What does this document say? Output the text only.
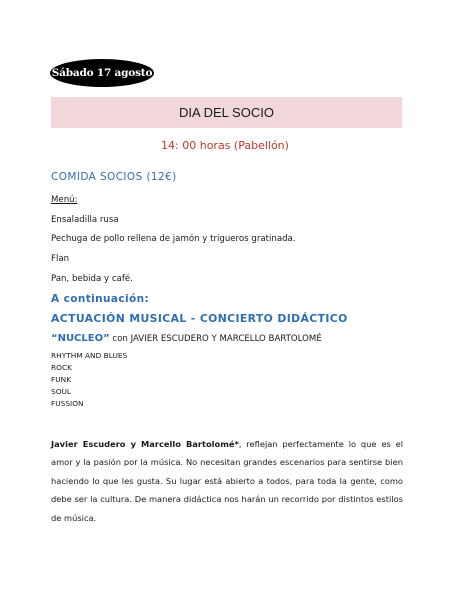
Sábado 17 agosto
DIA DEL SOCIO
14: 00 horas (Pabellón)
COMIDA SOCIOS (12€)
Menú:
Ensaladilla rusa
Pechuga de pollo rellena de jamón y trigueros gratinada.
Flan
Pan, bebida y café.
A continuación:
ACTUACIÓN MUSICAL - CONCIERTO DIDÁCTICO
“NUCLEO” con JAVIER ESCUDERO Y MARCELLO BARTOLOMÉ
RHYTHM AND BLUES
ROCK
FUNK
SOUL
FUSSION
Javier Escudero y Marcello Bartolomé*, reflejan perfectamente lo que es el amor y la pasión por la música. No necesitan grandes escenarios para sentirse bien haciendo lo que les gusta. Su lugar está abierto a todos, para toda la gente, como debe ser la cultura. De manera didáctica nos harán un recorrido por distintos estilos de música.
